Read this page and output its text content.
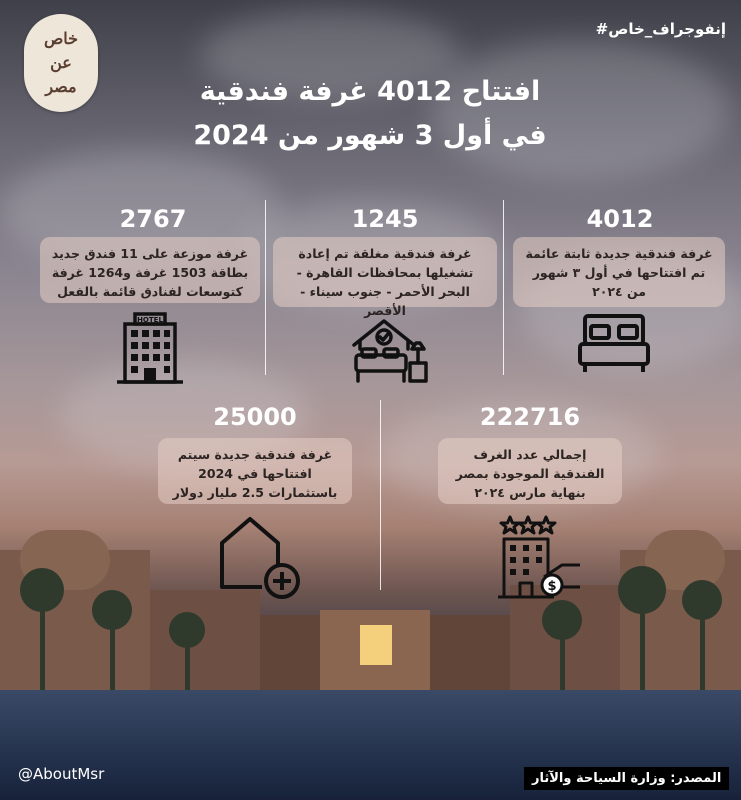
#إنفوجراف_خاص
خاص
عن
مصر	افتتاح 4012 غرفة فندقية
في أول 3 شهور من 2024
4012
غرفة فندقية جديدة ثابتة عائمة تم افتتاحها في أول ٣ شهور من ٢٠٢٤
1245
غرفة فندقية مغلقة تم إعادة تشغيلها بمحافظات القاهرة - البحر الأحمر - جنوب سيناء - الأقصر
2767
غرفة موزعة على 11 فندق جديد بطاقة 1503 غرفة و1264 غرفة كتوسعات لفنادق قائمة بالفعل
HOTEL
222716
إجمالي عدد الغرف الفندقية الموجودة بمصر بنهاية مارس ٢٠٢٤
$
25000
غرفة فندقية جديدة سيتم افتتاحها في 2024 باستثمارات 2.5 مليار دولار
@AboutMsr	المصدر: وزارة السياحة والآثار
